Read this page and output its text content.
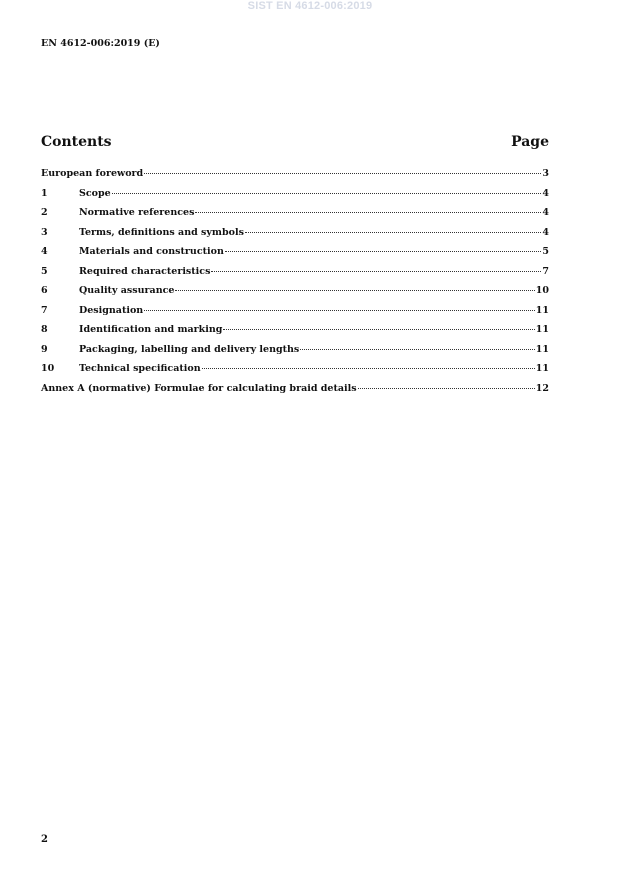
SIST EN 4612-006:2019
EN 4612-006:2019 (E)
Contents	Page
European foreword	3
1	Scope	4
2	Normative references	4
3	Terms, definitions and symbols	4
4	Materials and construction	5
5	Required characteristics	7
6	Quality assurance	10
7	Designation	11
8	Identification and marking	11
9	Packaging, labelling and delivery lengths	11
10	Technical specification	11
Annex A (normative) Formulae for calculating braid details	12
2
